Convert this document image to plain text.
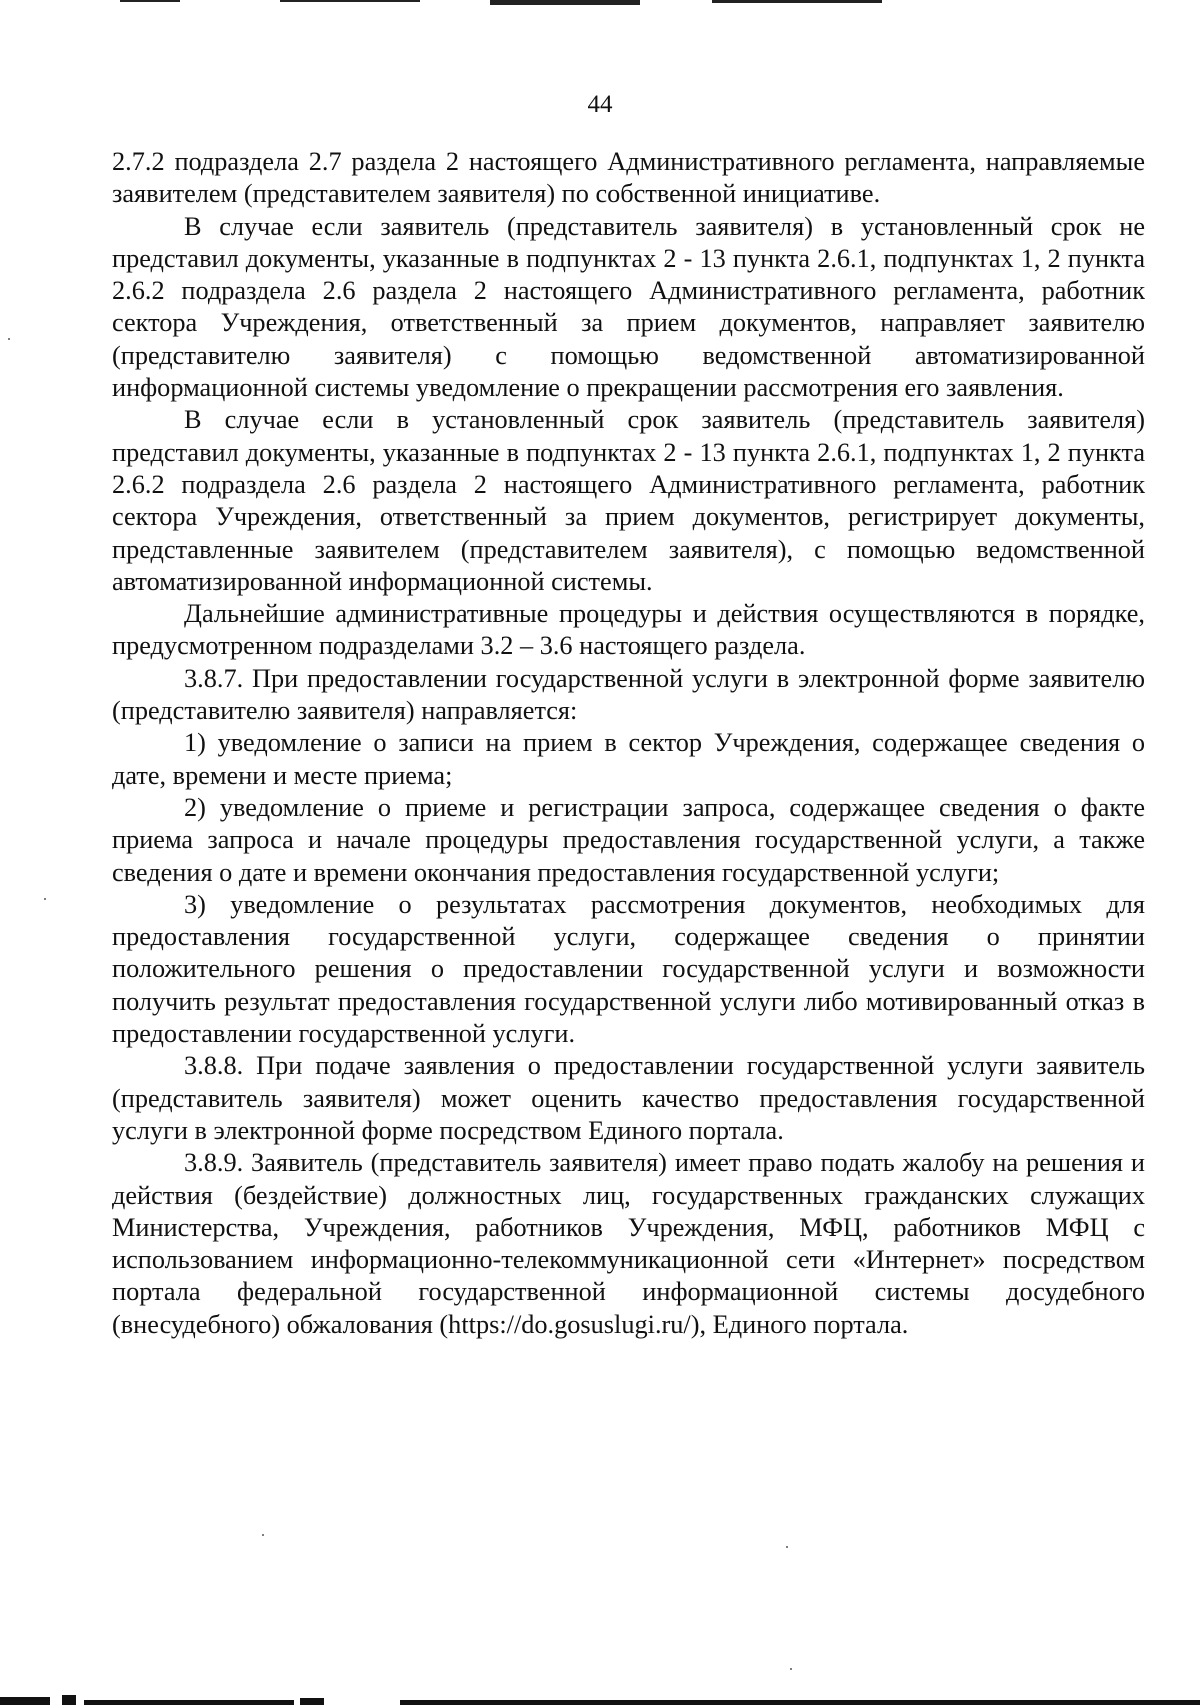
44

2.7.2 подраздела 2.7 раздела 2 настоящего Административного регламента, направляемые заявителем (представителем заявителя) по собственной инициативе.

В случае если заявитель (представитель заявителя) в установленный срок не представил документы, указанные в подпунктах 2 - 13 пункта 2.6.1, подпунктах 1, 2 пункта 2.6.2 подраздела 2.6 раздела 2 настоящего Административного регламента, работник сектора Учреждения, ответственный за прием документов, направляет заявителю (представителю заявителя) с помощью ведомственной автоматизированной информационной системы уведомление о прекращении рассмотрения его заявления.

В случае если в установленный срок заявитель (представитель заявителя) представил документы, указанные в подпунктах 2 - 13 пункта 2.6.1, подпунктах 1, 2 пункта 2.6.2 подраздела 2.6 раздела 2 настоящего Административного регламента, работник сектора Учреждения, ответственный за прием документов, регистрирует документы, представленные заявителем (представителем заявителя), с помощью ведомственной автоматизированной информационной системы.

Дальнейшие административные процедуры и действия осуществляются в порядке, предусмотренном подразделами 3.2 – 3.6 настоящего раздела.

3.8.7. При предоставлении государственной услуги в электронной форме заявителю (представителю заявителя) направляется:

1) уведомление о записи на прием в сектор Учреждения, содержащее сведения о дате, времени и месте приема;

2) уведомление о приеме и регистрации запроса, содержащее сведения о факте приема запроса и начале процедуры предоставления государственной услуги, а также сведения о дате и времени окончания предоставления государственной услуги;

3) уведомление о результатах рассмотрения документов, необходимых для предоставления государственной услуги, содержащее сведения о принятии положительного решения о предоставлении государственной услуги и возможности получить результат предоставления государственной услуги либо мотивированный отказ в предоставлении государственной услуги.

3.8.8. При подаче заявления о предоставлении государственной услуги заявитель (представитель заявителя) может оценить качество предоставления государственной услуги в электронной форме посредством Единого портала.

3.8.9. Заявитель (представитель заявителя) имеет право подать жалобу на решения и действия (бездействие) должностных лиц, государственных гражданских служащих Министерства, Учреждения, работников Учреждения, МФЦ, работников МФЦ с использованием информационно-телекоммуникационной сети «Интернет» посредством портала федеральной государственной информационной системы досудебного (внесудебного) обжалования (https://do.gosuslugi.ru/), Единого портала.
